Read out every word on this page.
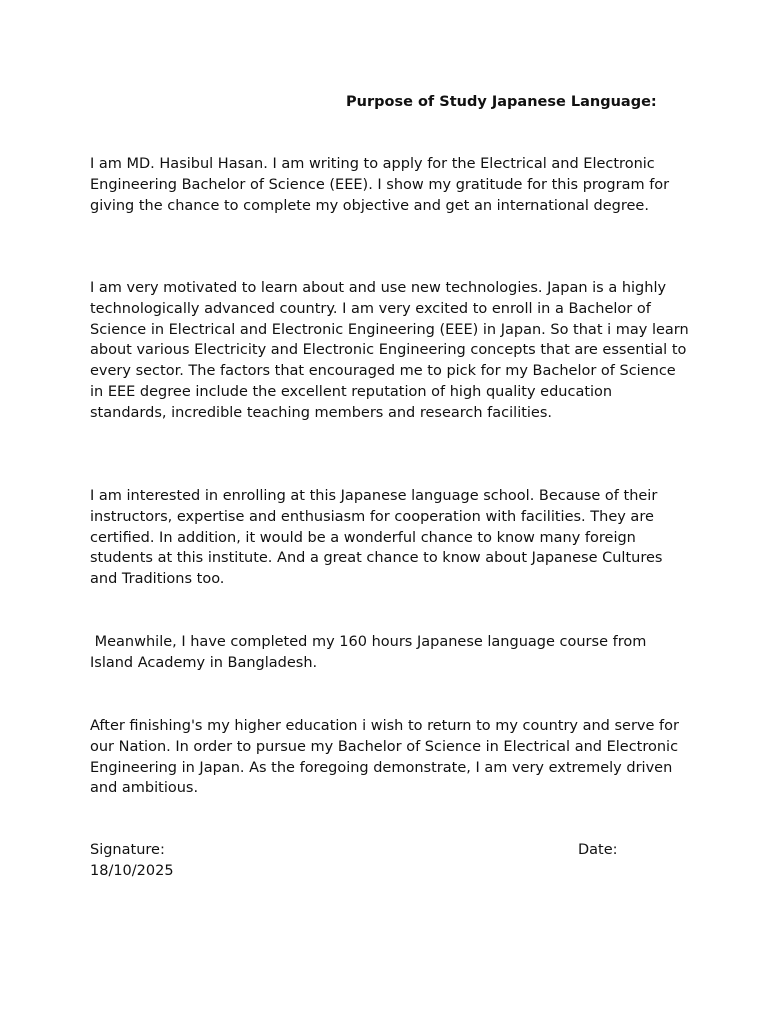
Purpose of Study Japanese Language:

I am MD. Hasibul Hasan. I am writing to apply for the Electrical and Electronic Engineering Bachelor of Science (EEE). I show my gratitude for this program for giving the chance to complete my objective and get an international degree.

I am very motivated to learn about and use new technologies. Japan is a highly technologically advanced country. I am very excited to enroll in a Bachelor of Science in Electrical and Electronic Engineering (EEE) in Japan. So that i may learn about various Electricity and Electronic Engineering concepts that are essential to every sector. The factors that encouraged me to pick for my Bachelor of Science in EEE degree include the excellent reputation of high quality education standards, incredible teaching members and research facilities.

I am interested in enrolling at this Japanese language school. Because of their instructors, expertise and enthusiasm for cooperation with facilities. They are certified. In addition, it would be a wonderful chance to know many foreign students at this institute. And a great chance to know about Japanese Cultures and Traditions too.

Meanwhile, I have completed my 160 hours Japanese language course from Island Academy in Bangladesh.

After finishing's my higher education i wish to return to my country and serve for our Nation. In order to pursue my Bachelor of Science in Electrical and Electronic Engineering in Japan. As the foregoing demonstrate, I am very extremely driven and ambitious.

Signature:	Date:
18/10/2025
